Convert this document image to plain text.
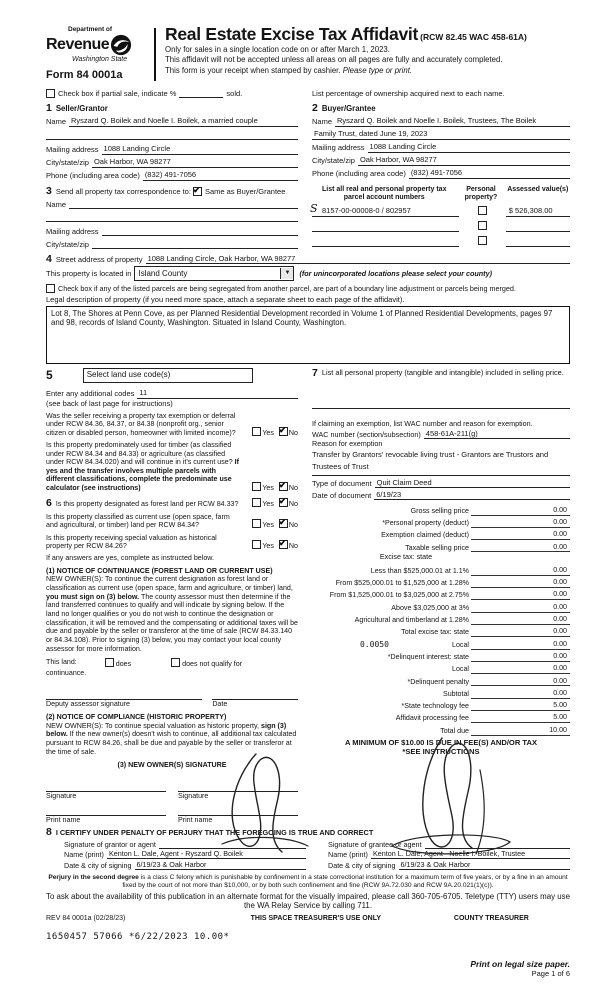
Department of
Revenue
Washington State
Form 84 0001a
Real Estate Excise Tax Affidavit (RCW 82.45 WAC 458-61A)
Only for sales in a single location code on or after March 1, 2023.
This affidavit will not be accepted unless all areas on all pages are fully and accurately completed.
This form is your receipt when stamped by cashier. Please type or print.
Check box if partial sale, indicate %	sold.	List percentage of ownership acquired next to each name.
1 Seller/Grantor
Name Ryszard Q. Boilek and Noelle I. Boilek, a married couple
Mailing address 1088 Landing Circle
City/state/zip Oak Harbor, WA 98277
Phone (including area code) (832) 491-7056
2 Buyer/Grantee
Name Ryszard Q. Boilek and Noelle I. Boilek, Trustees, The Boilek
Family Trust, dated June 19, 2023
Mailing address 1088 Landing Circle
City/state/zip Oak Harbor, WA 98277
Phone (including area code) (832) 491-7056
3 Send all property tax correspondence to: ✔ Same as Buyer/Grantee
Name
Mailing address
City/state/zip
List all real and personal property tax parcel account numbers
Personal property?
Assessed value(s)
S 8157-00-00008-0 / 802957	$ 526,308.00
4 Street address of property 1088 Landing Circle, Oak Harbor, WA 98277
This property is located in Island County	▼	(for unincorporated locations please select your county)
Check box if any of the listed parcels are being segregated from another parcel, are part of a boundary line adjustment or parcels being merged.
Legal description of property (if you need more space, attach a separate sheet to each page of the affidavit).
Lot 8, The Shores at Penn Cove, as per Planned Residential Development recorded in Volume 1 of Planned Residential Developments, pages 97 and 98, records of Island County, Washington. Situated in Island County, Washington.
5	Select land use code(s)
Enter any additional codes 11
(see back of last page for instructions)
Was the seller receiving a property tax exemption or deferral under RCW 84.36, 84.37, or 84.38 (nonprofit org., senior citizen or disabled person, homeowner with limited income)?	Yes ✔ No
Is this property predominately used for timber (as classified under RCW 84.34 and 84.33) or agriculture (as classified under RCW 84.34.020) and will continue in it's current use? If yes and the transfer involves multiple parcels with different classifications, complete the predominate use calculator (see instructions)	Yes ✔ No
6 Is this property designated as forest land per RCW 84.33?	Yes ✔ No
Is this property classified as current use (open space, farm and agricultural, or timber) land per RCW 84.34?	Yes ✔ No
Is this property receiving special valuation as historical property per RCW 84.26?	Yes ✔ No
If any answers are yes, complete as instructed below.
(1) NOTICE OF CONTINUANCE (FOREST LAND OR CURRENT USE)
NEW OWNER(S): To continue the current designation as forest land or classification as current use (open space, farm and agriculture, or timber) land, you must sign on (3) below. The county assessor must then determine if the land transferred continues to qualify and will indicate by signing below. If the land no longer qualifies or you do not wish to continue the designation or classification, it will be removed and the compensating or additional taxes will be due and payable by the seller or transferor at the time of sale (RCW 84.33.140 or 84.34.108). Prior to signing (3) below, you may contact your local county assessor for more information.
This land:	does	does not qualify for
continuance.
Deputy assessor signature	Date
(2) NOTICE OF COMPLIANCE (HISTORIC PROPERTY)
NEW OWNER(S): To continue special valuation as historic property, sign (3) below. If the new owner(s) doesn't wish to continue, all additional tax calculated pursuant to RCW 84.26, shall be due and payable by the seller or transferor at the time of sale.
(3) NEW OWNER(S) SIGNATURE
Signature	Signature
Print name	Print name
7 List all personal property (tangible and intangible) included in selling price.
If claiming an exemption, list WAC number and reason for exemption.
WAC number (section/subsection) 458-61A-211(g)
Reason for exemption
Transfer by Grantors' revocable living trust - Grantors are Trustors and Trustees of Trust
Type of document Quit Claim Deed
Date of document 6/19/23
Gross selling price	0.00
*Personal property (deduct)	0.00
Exemption claimed (deduct)	0.00
Taxable selling price	0.00
Excise tax: state
Less than $525,000.01 at 1.1%	0.00
From $525,000.01 to $1,525,000 at 1.28%	0.00
From $1,525,000.01 to $3,025,000 at 2.75%	0.00
Above $3,025,000 at 3%	0.00
Agricultural and timberland at 1.28%	0.00
Total excise tax: state	0.00
0.0050	Local	0.00
*Delinquent interest: state	0.00
Local	0.00
*Delinquent penalty	0.00
Subtotal	0.00
*State technology fee	5.00
Affidavit processing fee	5.00
Total due	10.00
A MINIMUM OF $10.00 IS DUE IN FEE(S) AND/OR TAX
*SEE INSTRUCTIONS
8 I CERTIFY UNDER PENALTY OF PERJURY THAT THE FOREGOING IS TRUE AND CORRECT
Signature of grantor or agent
Name (print) Kenton L. Dale, Agent - Ryszard Q. Boilek
Date & city of signing 6/19/23 & Oak Harbor
Signature of grantee or agent
Name (print) Kenton L. Dale, Agent - Noelle I. Boilek, Trustee
Date & city of signing 6/19/23 & Oak Harbor
Perjury in the second degree is a class C felony which is punishable by confinement in a state correctional institution for a maximum term of five years, or by a fine in an amount fixed by the court of not more than $10,000, or by both such confinement and fine (RCW 9A.72.030 and RCW 9A.20.021(1)(c)).
To ask about the availability of this publication in an alternate format for the visually impaired, please call 360-705-6705. Teletype (TTY) users may use the WA Relay Service by calling 711.
REV 84 0001a (02/28/23)	THIS SPACE TREASURER'S USE ONLY	COUNTY TREASURER
1650457 57066 *6/22/2023 10.00*
Print on legal size paper.
Page 1 of 6
